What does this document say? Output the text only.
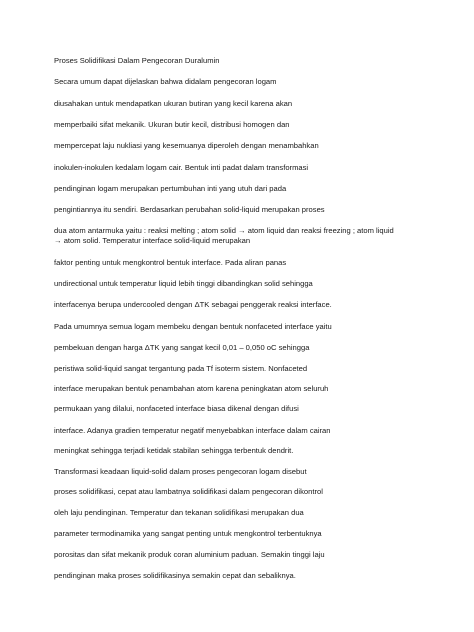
Proses Solidifikasi Dalam Pengecoran Duralumin
Secara umum dapat dijelaskan bahwa didalam pengecoran logam
diusahakan untuk mendapatkan ukuran butiran yang kecil karena akan
memperbaiki sifat mekanik. Ukuran butir kecil, distribusi homogen dan
mempercepat laju nukliasi yang kesemuanya diperoleh dengan menambahkan
inokulen-inokulen kedalam logam cair. Bentuk inti padat dalam transformasi
pendinginan logam merupakan pertumbuhan inti yang utuh dari pada
pengintiannya itu sendiri. Berdasarkan perubahan solid-liquid merupakan proses
dua atom antarmuka yaitu : reaksi melting ; atom solid → atom liquid dan reaksi freezing ; atom liquid
→ atom solid. Temperatur interface solid-liquid merupakan
faktor penting untuk mengkontrol bentuk interface. Pada aliran panas
undirectional untuk temperatur liquid lebih tinggi dibandingkan solid sehingga
interfacenya berupa undercooled dengan ΔTK sebagai penggerak reaksi interface.
Pada umumnya semua logam membeku dengan bentuk nonfaceted interface yaitu
pembekuan dengan harga ΔTK yang sangat kecil 0,01 – 0,050 oC sehingga
peristiwa solid-liquid sangat tergantung pada Tf isoterm sistem. Nonfaceted
interface merupakan bentuk penambahan atom karena peningkatan atom seluruh
permukaan yang dilalui, nonfaceted interface biasa dikenal dengan difusi
interface. Adanya gradien temperatur negatif menyebabkan interface dalam cairan
meningkat sehingga terjadi ketidak stabilan sehingga terbentuk dendrit.
Transformasi keadaan liquid-solid dalam proses pengecoran logam disebut
proses solidifikasi, cepat atau lambatnya solidifikasi dalam pengecoran dikontrol
oleh laju pendinginan. Temperatur dan tekanan solidifikasi merupakan dua
parameter termodinamika yang sangat penting untuk mengkontrol terbentuknya
porositas dan sifat mekanik produk coran aluminium paduan. Semakin tinggi laju
pendinginan maka proses solidifikasinya semakin cepat dan sebaliknya.
